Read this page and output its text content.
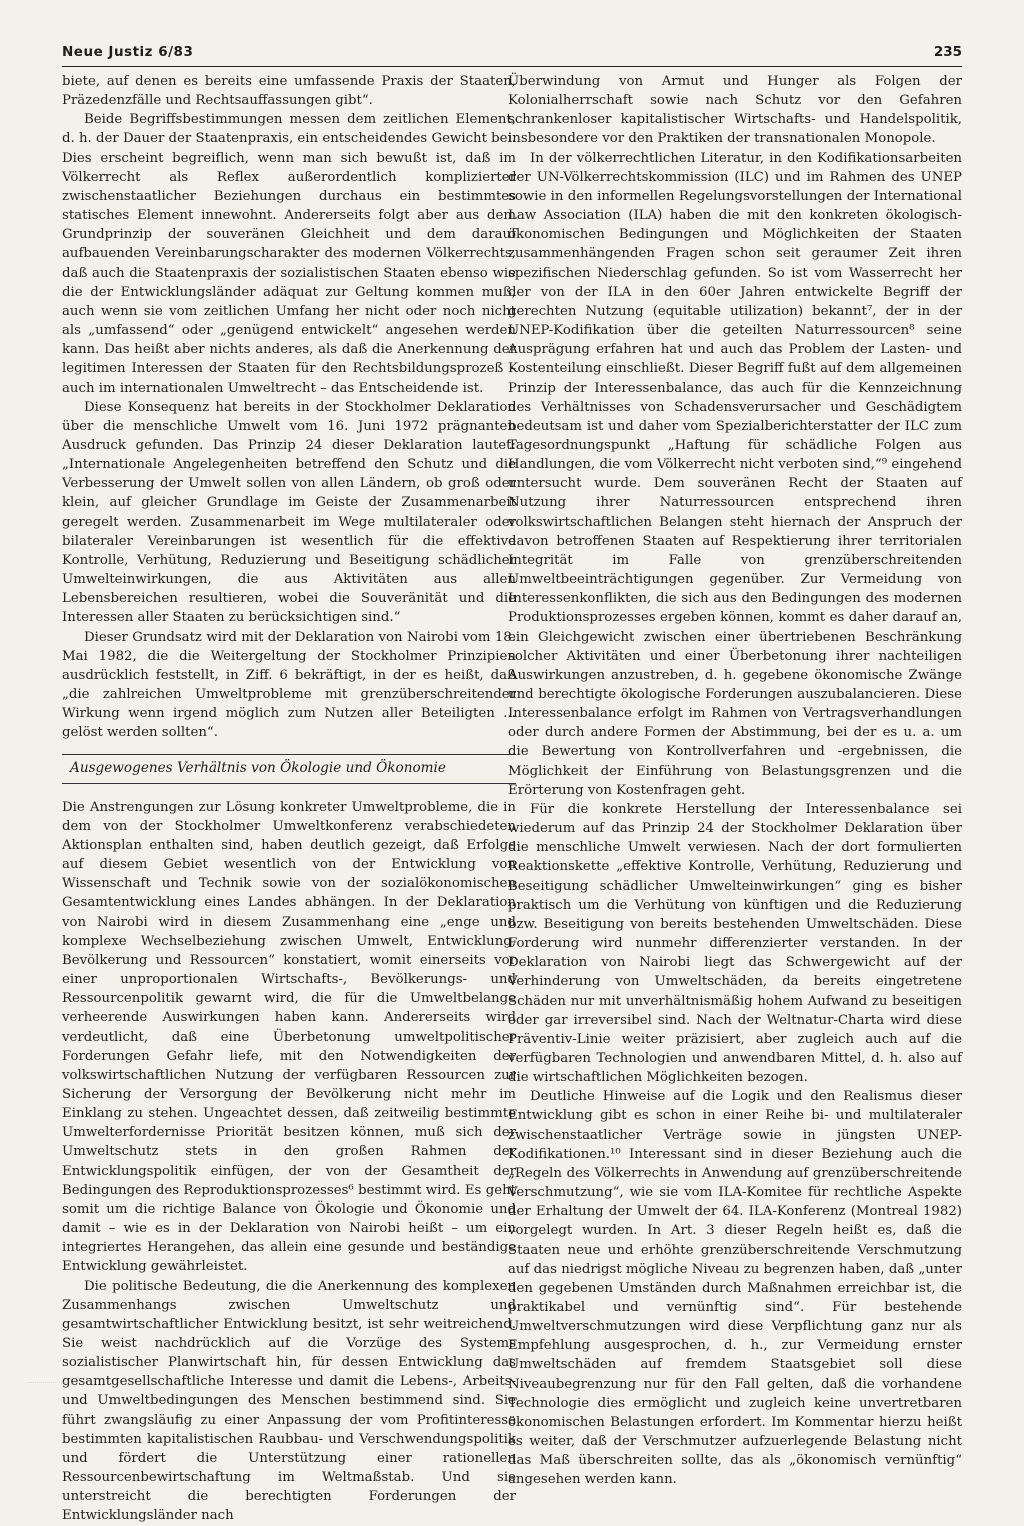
Neue Justiz 6/83	235

biete, auf denen es bereits eine umfassende Praxis der Staaten, Präzedenzfälle und Rechtsauffassungen gibt“.

Beide Begriffsbestimmungen messen dem zeitlichen Element, d. h. der Dauer der Staatenpraxis, ein entscheidendes Gewicht bei. Dies erscheint begreiflich, wenn man sich bewußt ist, daß im Völkerrecht als Reflex außerordentlich komplizierter zwischenstaatlicher Beziehungen durchaus ein bestimmtes statisches Element innewohnt. Andererseits folgt aber aus dem Grundprinzip der souveränen Gleichheit und dem darauf aufbauenden Vereinbarungscharakter des modernen Völkerrechts, daß auch die Staatenpraxis der sozialistischen Staaten ebenso wie die der Entwicklungsländer adäquat zur Geltung kommen muß, auch wenn sie vom zeitlichen Umfang her nicht oder noch nicht als „umfassend“ oder „genügend entwickelt“ angesehen werden kann. Das heißt aber nichts anderes, als daß die Anerkennung der legitimen Interessen der Staaten für den Rechtsbildungsprozeß – auch im internationalen Umweltrecht – das Entscheidende ist.

Diese Konsequenz hat bereits in der Stockholmer Deklaration über die menschliche Umwelt vom 16. Juni 1972 prägnanten Ausdruck gefunden. Das Prinzip 24 dieser Deklaration lautet: „Internationale Angelegenheiten betreffend den Schutz und die Verbesserung der Umwelt sollen von allen Ländern, ob groß oder klein, auf gleicher Grundlage im Geiste der Zusammenarbeit geregelt werden. Zusammenarbeit im Wege multilateraler oder bilateraler Vereinbarungen ist wesentlich für die effektive Kontrolle, Verhütung, Reduzierung und Beseitigung schädlicher Umwelteinwirkungen, die aus Aktivitäten aus allen Lebensbereichen resultieren, wobei die Souveränität und die Interessen aller Staaten zu berücksichtigen sind.“

Dieser Grundsatz wird mit der Deklaration von Nairobi vom 18. Mai 1982, die die Weitergeltung der Stockholmer Prinzipien ausdrücklich feststellt, in Ziff. 6 bekräftigt, in der es heißt, daß „die zahlreichen Umweltprobleme mit grenzüberschreitender Wirkung wenn irgend möglich zum Nutzen aller Beteiligten ... gelöst werden sollten“.

Ausgewogenes Verhältnis von Ökologie und Ökonomie

Die Anstrengungen zur Lösung konkreter Umweltprobleme, die in dem von der Stockholmer Umweltkonferenz verabschiedeten Aktionsplan enthalten sind, haben deutlich gezeigt, daß Erfolge auf diesem Gebiet wesentlich von der Entwicklung von Wissenschaft und Technik sowie von der sozialökonomischen Gesamtentwicklung eines Landes abhängen. In der Deklaration von Nairobi wird in diesem Zusammenhang eine „enge und komplexe Wechselbeziehung zwischen Umwelt, Entwicklung, Bevölkerung und Ressourcen“ konstatiert, womit einerseits vor einer unproportionalen Wirtschafts-, Bevölkerungs- und Ressourcenpolitik gewarnt wird, die für die Umweltbelange verheerende Auswirkungen haben kann. Andererseits wird verdeutlicht, daß eine Überbetonung umweltpolitischer Forderungen Gefahr liefe, mit den Notwendigkeiten der volkswirtschaftlichen Nutzung der verfügbaren Ressourcen zur Sicherung der Versorgung der Bevölkerung nicht mehr im Einklang zu stehen. Ungeachtet dessen, daß zeitweilig bestimmte Umwelterfordernisse Priorität besitzen können, muß sich der Umweltschutz stets in den großen Rahmen der Entwicklungspolitik einfügen, der von der Gesamtheit der Bedingungen des Reproduktionsprozesses⁶ bestimmt wird. Es geht somit um die richtige Balance von Ökologie und Ökonomie und damit – wie es in der Deklaration von Nairobi heißt – um ein integriertes Herangehen, das allein eine gesunde und beständige Entwicklung gewährleistet.

Die politische Bedeutung, die die Anerkennung des komplexen Zusammenhangs zwischen Umweltschutz und gesamtwirtschaftlicher Entwicklung besitzt, ist sehr weitreichend. Sie weist nachdrücklich auf die Vorzüge des Systems sozialistischer Planwirtschaft hin, für dessen Entwicklung das gesamtgesellschaftliche Interesse und damit die Lebens-, Arbeits- und Umweltbedingungen des Menschen bestimmend sind. Sie führt zwangsläufig zu einer Anpassung der vom Profitinteresse bestimmten kapitalistischen Raubbau- und Verschwendungspolitik und fördert die Unterstützung einer rationellen Ressourcenbewirtschaftung im Weltmaßstab. Und sie unterstreicht die berechtigten Forderungen der Entwicklungsländer nach

Überwindung von Armut und Hunger als Folgen der Kolonialherrschaft sowie nach Schutz vor den Gefahren schrankenloser kapitalistischer Wirtschafts- und Handelspolitik, insbesondere vor den Praktiken der transnationalen Monopole.

In der völkerrechtlichen Literatur, in den Kodifikationsarbeiten der UN-Völkerrechtskommission (ILC) und im Rahmen des UNEP sowie in den informellen Regelungsvorstellungen der International Law Association (ILA) haben die mit den konkreten ökologisch-ökonomischen Bedingungen und Möglichkeiten der Staaten zusammenhängenden Fragen schon seit geraumer Zeit ihren spezifischen Niederschlag gefunden. So ist vom Wasserrecht her der von der ILA in den 60er Jahren entwickelte Begriff der gerechten Nutzung (equitable utilization) bekannt⁷, der in der UNEP-Kodifikation über die geteilten Naturressourcen⁸ seine Ausprägung erfahren hat und auch das Problem der Lasten- und Kostenteilung einschließt. Dieser Begriff fußt auf dem allgemeinen Prinzip der Interessenbalance, das auch für die Kennzeichnung des Verhältnisses von Schadensverursacher und Geschädigtem bedeutsam ist und daher vom Spezialberichterstatter der ILC zum Tagesordnungspunkt „Haftung für schädliche Folgen aus Handlungen, die vom Völkerrecht nicht verboten sind,“⁹ eingehend untersucht wurde. Dem souveränen Recht der Staaten auf Nutzung ihrer Naturressourcen entsprechend ihren volkswirtschaftlichen Belangen steht hiernach der Anspruch der davon betroffenen Staaten auf Respektierung ihrer territorialen Integrität im Falle von grenzüberschreitenden Umweltbeeinträchtigungen gegenüber. Zur Vermeidung von Interessenkonflikten, die sich aus den Bedingungen des modernen Produktionsprozesses ergeben können, kommt es daher darauf an, ein Gleichgewicht zwischen einer übertriebenen Beschränkung solcher Aktivitäten und einer Überbetonung ihrer nachteiligen Auswirkungen anzustreben, d. h. gegebene ökonomische Zwänge und berechtigte ökologische Forderungen auszubalancieren. Diese Interessenbalance erfolgt im Rahmen von Vertragsverhandlungen oder durch andere Formen der Abstimmung, bei der es u. a. um die Bewertung von Kontrollverfahren und -ergebnissen, die Möglichkeit der Einführung von Belastungsgrenzen und die Erörterung von Kostenfragen geht.

Für die konkrete Herstellung der Interessenbalance sei wiederum auf das Prinzip 24 der Stockholmer Deklaration über die menschliche Umwelt verwiesen. Nach der dort formulierten Reaktionskette „effektive Kontrolle, Verhütung, Reduzierung und Beseitigung schädlicher Umwelteinwirkungen“ ging es bisher praktisch um die Verhütung von künftigen und die Reduzierung bzw. Beseitigung von bereits bestehenden Umweltschäden. Diese Forderung wird nunmehr differenzierter verstanden. In der Deklaration von Nairobi liegt das Schwergewicht auf der Verhinderung von Umweltschäden, da bereits eingetretene Schäden nur mit unverhältnismäßig hohem Aufwand zu beseitigen oder gar irreversibel sind. Nach der Weltnatur-Charta wird diese Präventiv-Linie weiter präzisiert, aber zugleich auch auf die verfügbaren Technologien und anwendbaren Mittel, d. h. also auf die wirtschaftlichen Möglichkeiten bezogen.

Deutliche Hinweise auf die Logik und den Realismus dieser Entwicklung gibt es schon in einer Reihe bi- und multilateraler zwischenstaatlicher Verträge sowie in jüngsten UNEP-Kodifikationen.¹⁰ Interessant sind in dieser Beziehung auch die „Regeln des Völkerrechts in Anwendung auf grenzüberschreitende Verschmutzung“, wie sie vom ILA-Komitee für rechtliche Aspekte der Erhaltung der Umwelt der 64. ILA-Konferenz (Montreal 1982) vorgelegt wurden. In Art. 3 dieser Regeln heißt es, daß die Staaten neue und erhöhte grenzüberschreitende Verschmutzung auf das niedrigst mögliche Niveau zu begrenzen haben, daß „unter den gegebenen Umständen durch Maßnahmen erreichbar ist, die praktikabel und vernünftig sind“. Für bestehende Umweltverschmutzungen wird diese Verpflichtung ganz nur als Empfehlung ausgesprochen, d. h., zur Vermeidung ernster Umweltschäden auf fremdem Staatsgebiet soll diese Niveaubegrenzung nur für den Fall gelten, daß die vorhandene Technologie dies ermöglicht und zugleich keine unvertretbaren ökonomischen Belastungen erfordert. Im Kommentar hierzu heißt es weiter, daß der Verschmutzer aufzuerlegende Belastung nicht das Maß überschreiten sollte, das als „ökonomisch vernünftig“ angesehen werden kann.
